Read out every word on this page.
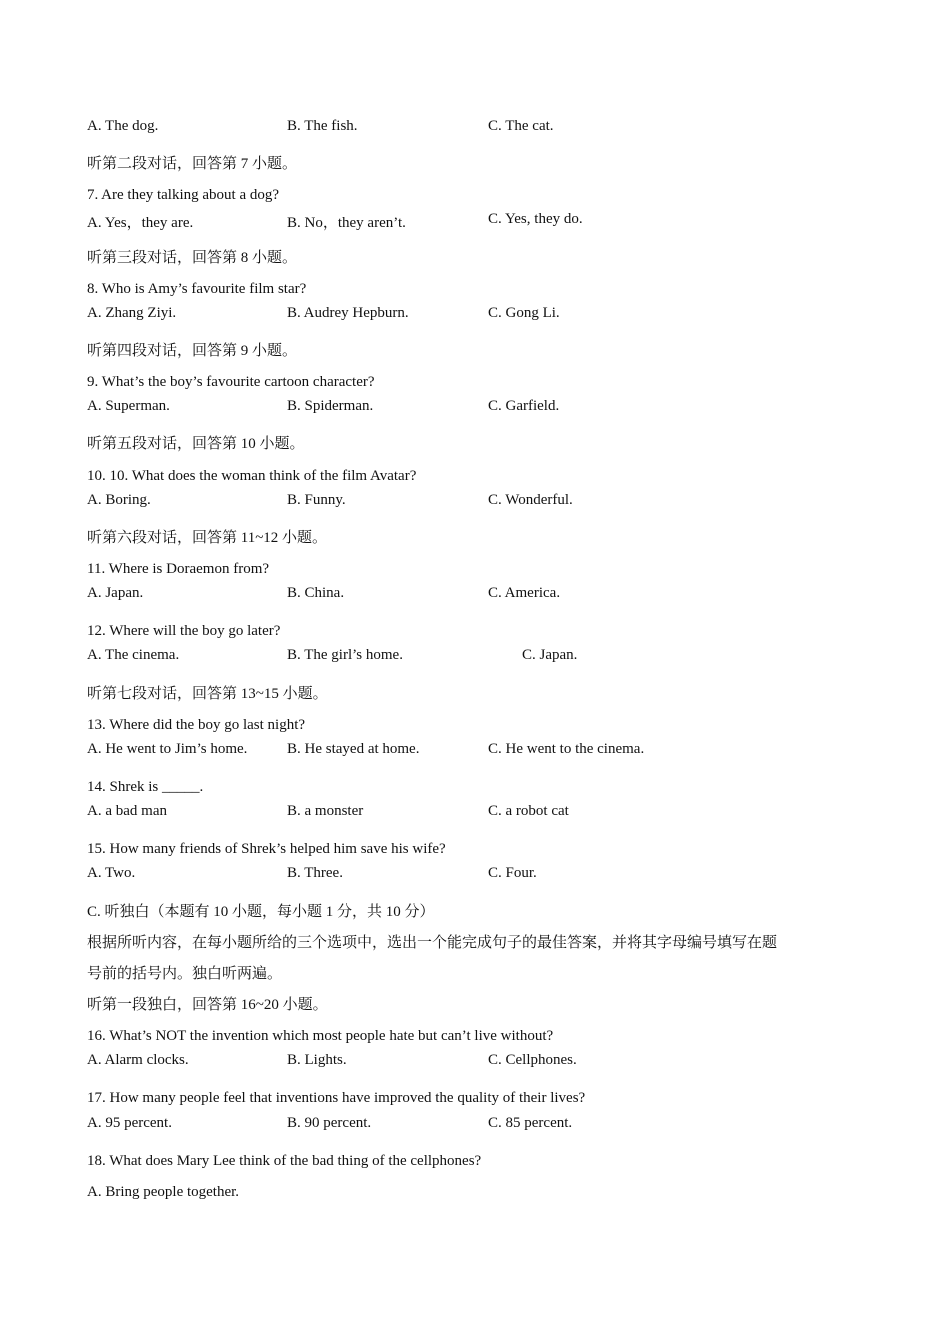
A. The dog.	B. The fish.	C. The cat.
听第二段对话，回答第 7 小题。
7. Are they talking about a dog?
A. Yes，they are.	B. No，they aren’t.	C. Yes, they do.
听第三段对话，回答第 8 小题。
8. Who is Amy’s favourite film star?
A. Zhang Ziyi.	B. Audrey Hepburn.	C. Gong Li.
听第四段对话，回答第 9 小题。
9. What’s the boy’s favourite cartoon character?
A. Superman.	B. Spiderman.	C. Garfield.
听第五段对话，回答第 10 小题。
10. 10. What does the woman think of the film Avatar?
A. Boring.	B. Funny.	C. Wonderful.
听第六段对话，回答第 11~12 小题。
11. Where is Doraemon from?
A. Japan.	B. China.	C. America.
12. Where will the boy go later?
A. The cinema.	B. The girl’s home.	C. Japan.
听第七段对话，回答第 13~15 小题。
13. Where did the boy go last night?
A. He went to Jim’s home.	B. He stayed at home.	C. He went to the cinema.
14. Shrek is _____.
A. a bad man	B. a monster	C. a robot cat
15. How many friends of Shrek’s helped him save his wife?
A. Two.	B. Three.	C. Four.
C. 听独白（本题有 10 小题，每小题 1 分，共 10 分）
根据所听内容，在每小题所给的三个选项中，选出一个能完成句子的最佳答案，并将其字母编号填写在题
号前的括号内。独白听两遍。
听第一段独白，回答第 16~20 小题。
16. What’s NOT the invention which most people hate but can’t live without?
A. Alarm clocks.	B. Lights.	C. Cellphones.
17. How many people feel that inventions have improved the quality of their lives?
A. 95 percent.	B. 90 percent.	C. 85 percent.
18. What does Mary Lee think of the bad thing of the cellphones?
A. Bring people together.
